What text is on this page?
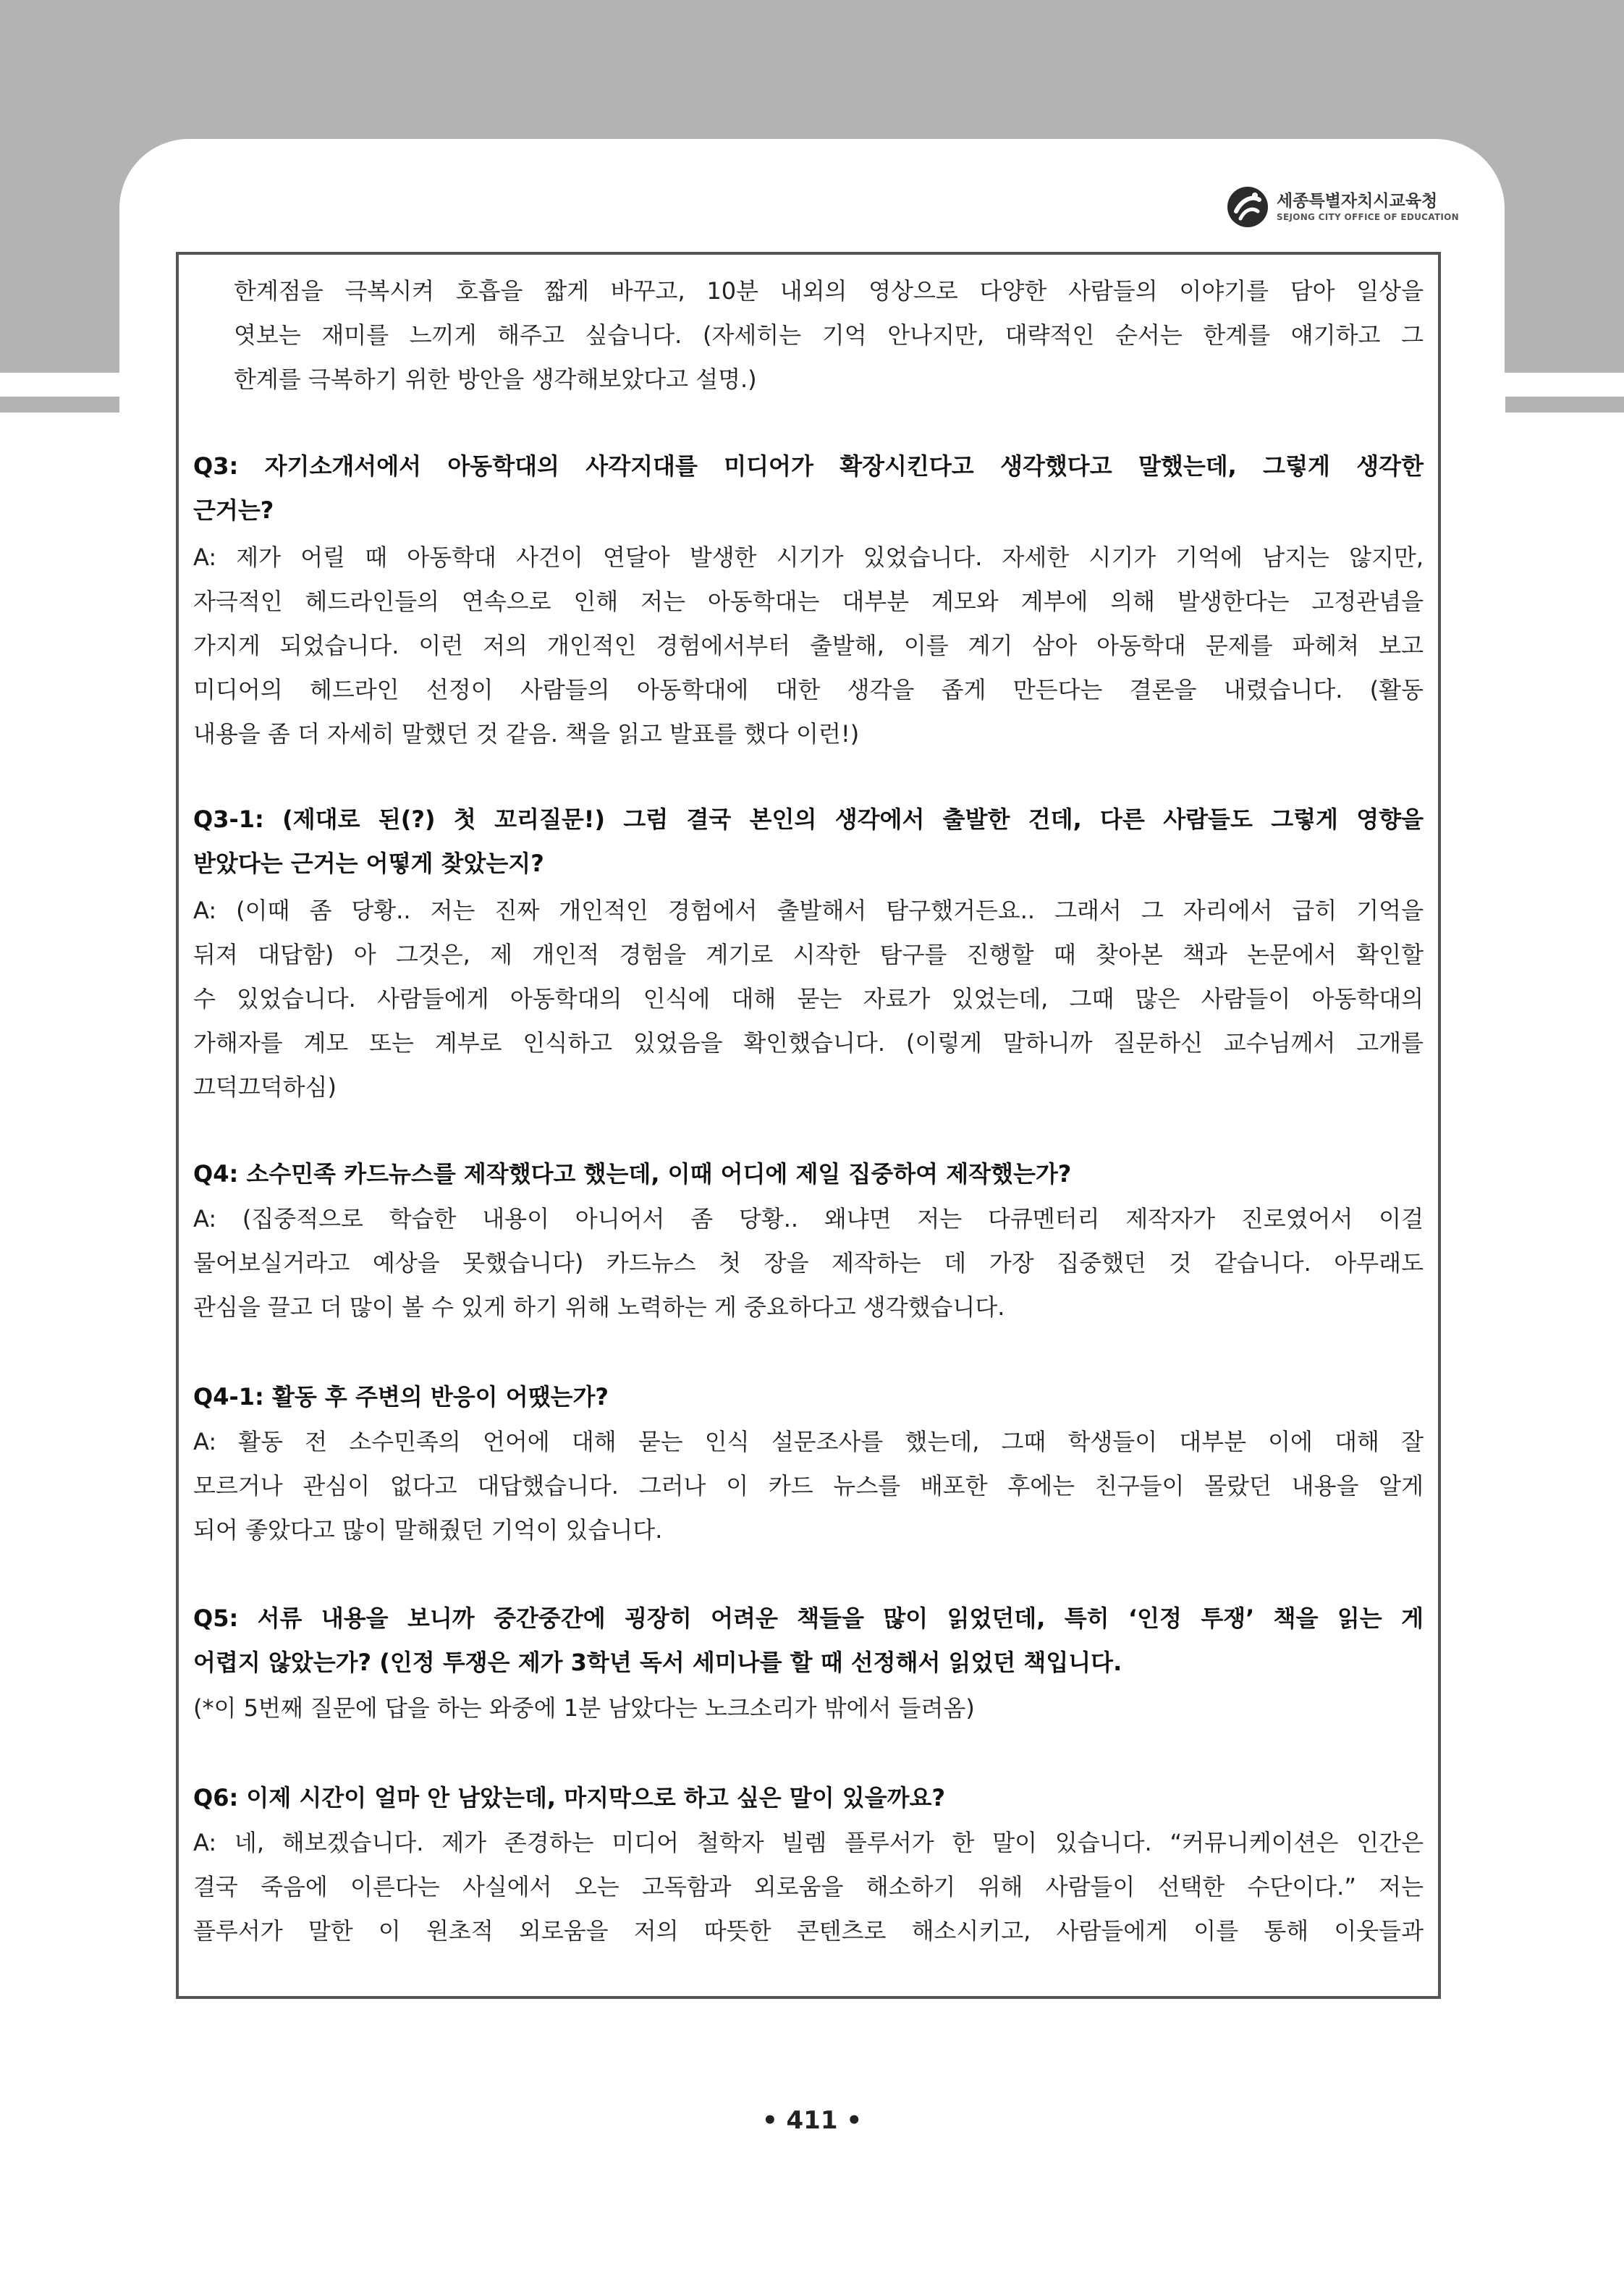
세종특별자치시교육청
SEJONG CITY OFFICE OF EDUCATION
한계점을 극복시켜 호흡을 짧게 바꾸고, 10분 내외의 영상으로 다양한 사람들의 이야기를 담아 일상을
엿보는 재미를 느끼게 해주고 싶습니다. (자세히는 기억 안나지만, 대략적인 순서는 한계를 얘기하고 그
한계를 극복하기 위한 방안을 생각해보았다고 설명.)
Q3: 자기소개서에서 아동학대의 사각지대를 미디어가 확장시킨다고 생각했다고 말했는데, 그렇게 생각한
근거는?
A: 제가 어릴 때 아동학대 사건이 연달아 발생한 시기가 있었습니다. 자세한 시기가 기억에 남지는 않지만,
자극적인 헤드라인들의 연속으로 인해 저는 아동학대는 대부분 계모와 계부에 의해 발생한다는 고정관념을
가지게 되었습니다. 이런 저의 개인적인 경험에서부터 출발해, 이를 계기 삼아 아동학대 문제를 파헤쳐 보고
미디어의 헤드라인 선정이 사람들의 아동학대에 대한 생각을 좁게 만든다는 결론을 내렸습니다. (활동
내용을 좀 더 자세히 말했던 것 같음. 책을 읽고 발표를 했다 이런!)
Q3-1: (제대로 된(?) 첫 꼬리질문!) 그럼 결국 본인의 생각에서 출발한 건데, 다른 사람들도 그렇게 영향을
받았다는 근거는 어떻게 찾았는지?
A: (이때 좀 당황.. 저는 진짜 개인적인 경험에서 출발해서 탐구했거든요.. 그래서 그 자리에서 급히 기억을
뒤져 대답함) 아 그것은, 제 개인적 경험을 계기로 시작한 탐구를 진행할 때 찾아본 책과 논문에서 확인할
수 있었습니다. 사람들에게 아동학대의 인식에 대해 묻는 자료가 있었는데, 그때 많은 사람들이 아동학대의
가해자를 계모 또는 계부로 인식하고 있었음을 확인했습니다. (이렇게 말하니까 질문하신 교수님께서 고개를
끄덕끄덕하심)
Q4: 소수민족 카드뉴스를 제작했다고 했는데, 이때 어디에 제일 집중하여 제작했는가?
A: (집중적으로 학습한 내용이 아니어서 좀 당황.. 왜냐면 저는 다큐멘터리 제작자가 진로였어서 이걸
물어보실거라고 예상을 못했습니다) 카드뉴스 첫 장을 제작하는 데 가장 집중했던 것 같습니다. 아무래도
관심을 끌고 더 많이 볼 수 있게 하기 위해 노력하는 게 중요하다고 생각했습니다.
Q4-1: 활동 후 주변의 반응이 어땠는가?
A: 활동 전 소수민족의 언어에 대해 묻는 인식 설문조사를 했는데, 그때 학생들이 대부분 이에 대해 잘
모르거나 관심이 없다고 대답했습니다. 그러나 이 카드 뉴스를 배포한 후에는 친구들이 몰랐던 내용을 알게
되어 좋았다고 많이 말해줬던 기억이 있습니다.
Q5: 서류 내용을 보니까 중간중간에 굉장히 어려운 책들을 많이 읽었던데, 특히 ‘인정 투쟁’ 책을 읽는 게
어렵지 않았는가? (인정 투쟁은 제가 3학년 독서 세미나를 할 때 선정해서 읽었던 책입니다.
(*이 5번째 질문에 답을 하는 와중에 1분 남았다는 노크소리가 밖에서 들려옴)
Q6: 이제 시간이 얼마 안 남았는데, 마지막으로 하고 싶은 말이 있을까요?
A: 네, 해보겠습니다. 제가 존경하는 미디어 철학자 빌렘 플루서가 한 말이 있습니다. “커뮤니케이션은 인간은
결국 죽음에 이른다는 사실에서 오는 고독함과 외로움을 해소하기 위해 사람들이 선택한 수단이다.” 저는
플루서가 말한 이 원초적 외로움을 저의 따뜻한 콘텐츠로 해소시키고, 사람들에게 이를 통해 이웃들과
• 411 •
